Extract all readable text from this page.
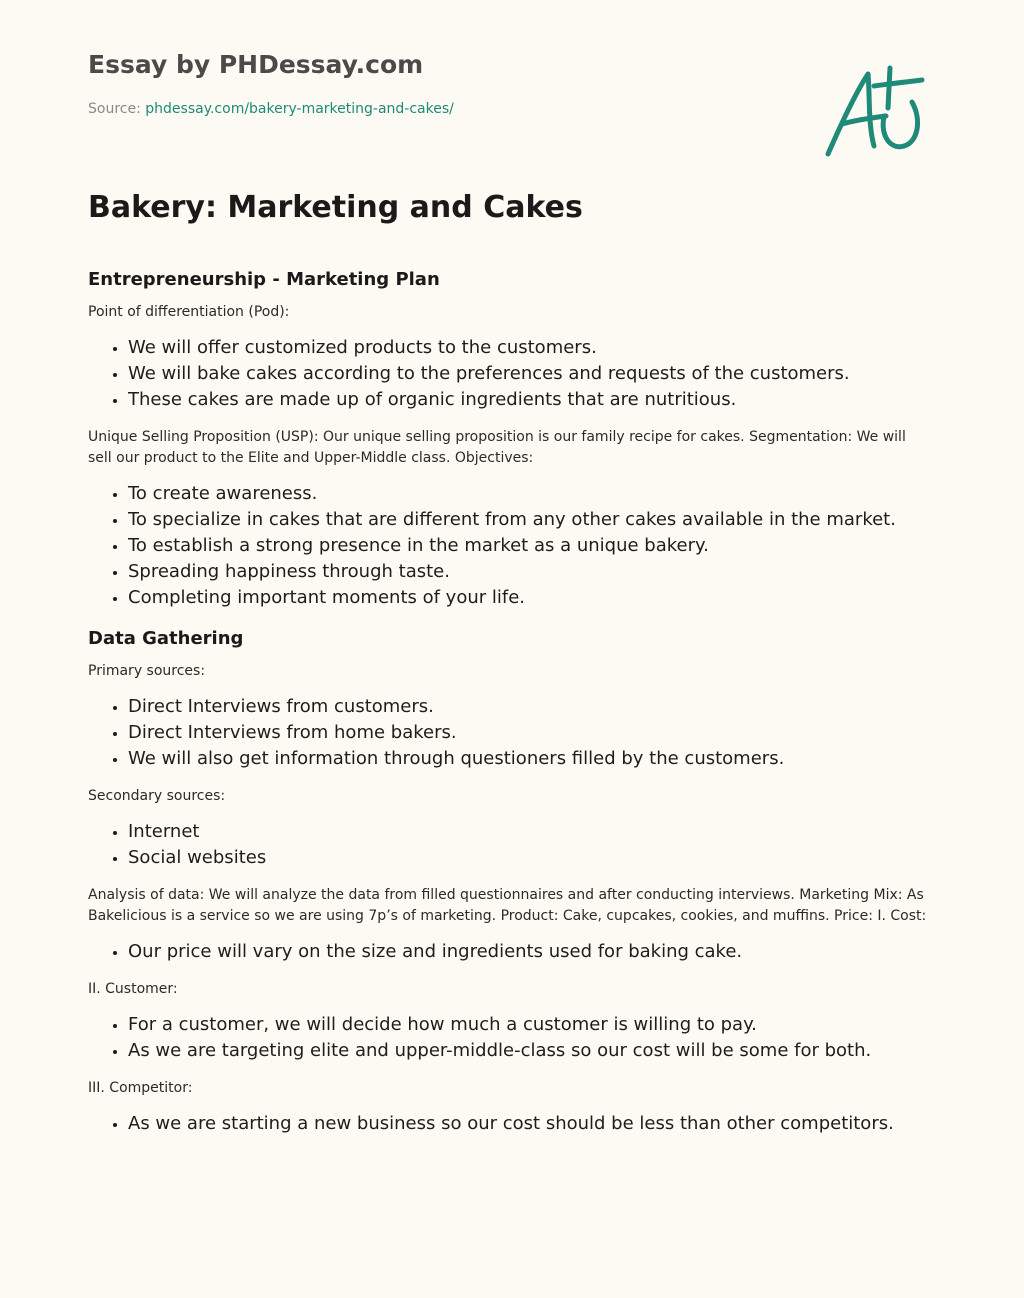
Essay by PHDessay.com
Source: phdessay.com/bakery-marketing-and-cakes/
Bakery: Marketing and Cakes
Entrepreneurship - Marketing Plan

Point of differentiation (Pod):

• We will offer customized products to the customers.
• We will bake cakes according to the preferences and requests of the customers.
• These cakes are made up of organic ingredients that are nutritious.

Unique Selling Proposition (USP): Our unique selling proposition is our family recipe for cakes. Segmentation: We will sell our product to the Elite and Upper-Middle class. Objectives:

• To create awareness.
• To specialize in cakes that are different from any other cakes available in the market.
• To establish a strong presence in the market as a unique bakery.
• Spreading happiness through taste.
• Completing important moments of your life.
Data Gathering

Primary sources:

• Direct Interviews from customers.
• Direct Interviews from home bakers.
• We will also get information through questioners filled by the customers.

Secondary sources:

• Internet
• Social websites

Analysis of data: We will analyze the data from filled questionnaires and after conducting interviews. Marketing Mix: As Bakelicious is a service so we are using 7p’s of marketing. Product: Cake, cupcakes, cookies, and muffins. Price: I. Cost:

• Our price will vary on the size and ingredients used for baking cake.

II. Customer:

• For a customer, we will decide how much a customer is willing to pay.
• As we are targeting elite and upper-middle-class so our cost will be some for both.

III. Competitor:

• As we are starting a new business so our cost should be less than other competitors.
